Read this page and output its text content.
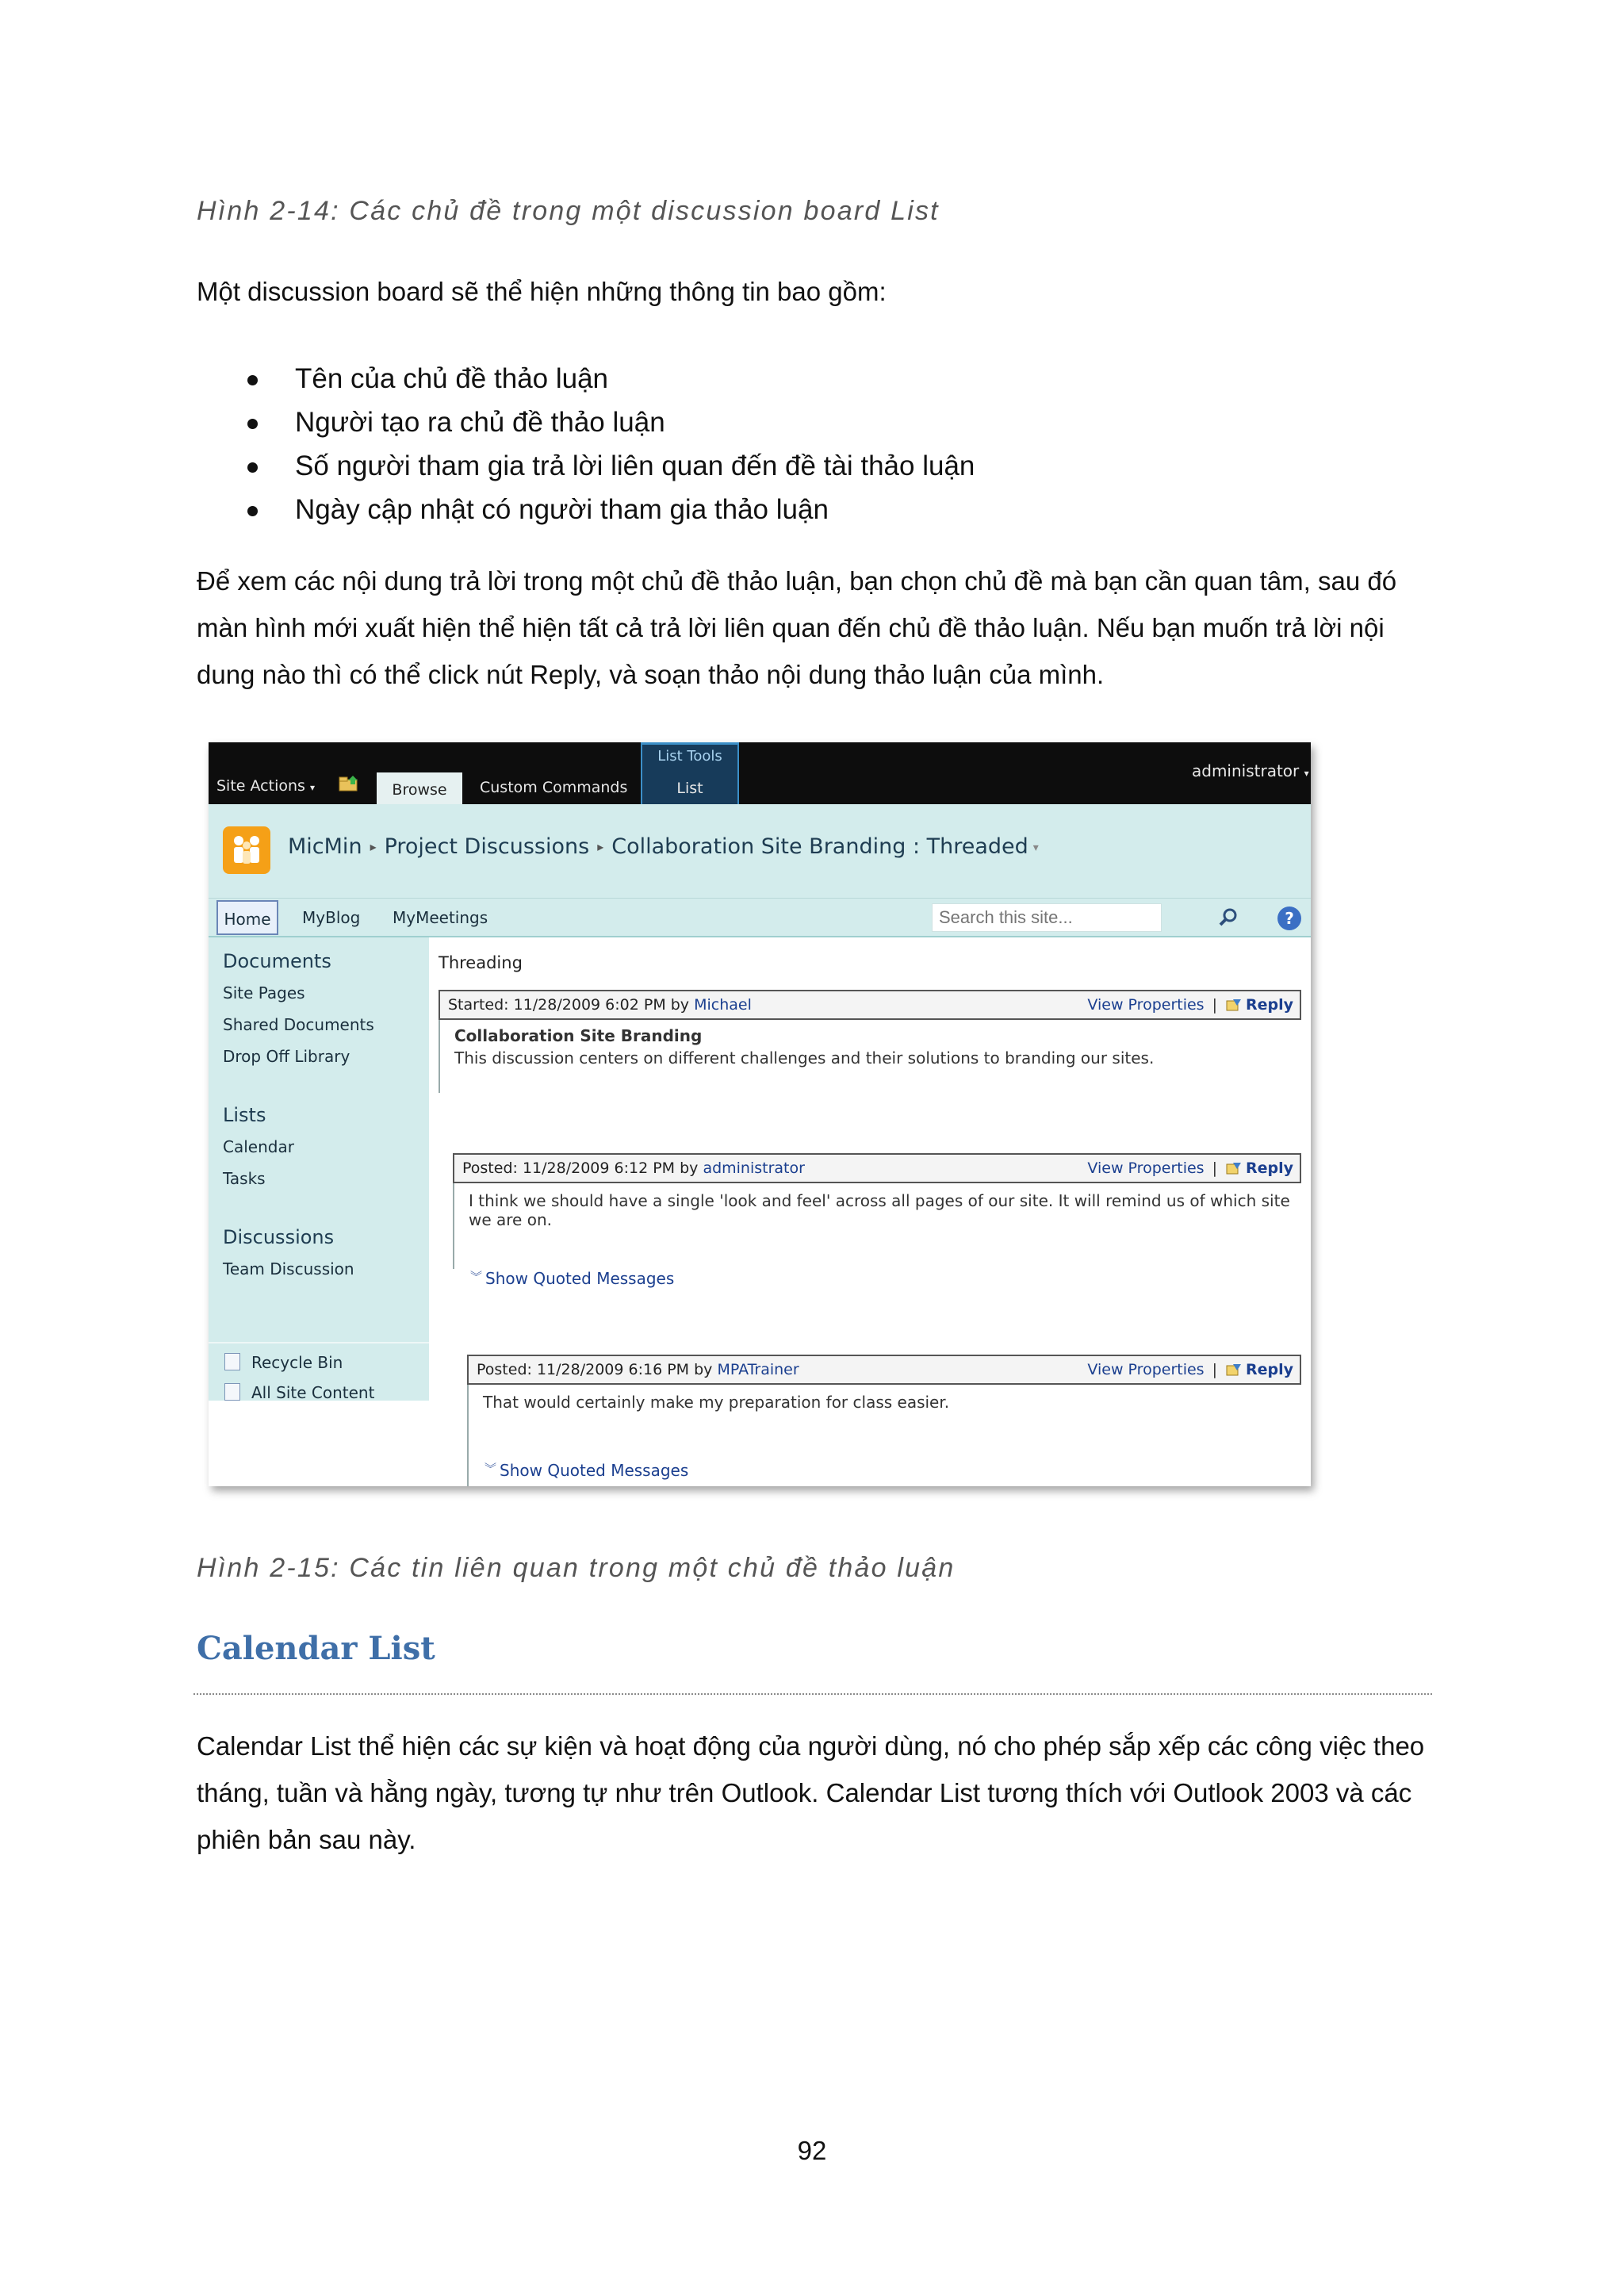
Hình 2-14: Các chủ đề trong một discussion board List
Một discussion board sẽ thể hiện những thông tin bao gồm:
Tên của chủ đề thảo luận
Người tạo ra chủ đề thảo luận
Số người tham gia trả lời liên quan đến đề tài thảo luận
Ngày cập nhật có người tham gia thảo luận
Để xem các nội dung trả lời trong một chủ đề thảo luận, bạn chọn chủ đề mà bạn cần quan tâm, sau đó màn hình mới xuất hiện thể hiện tất cả trả lời liên quan đến chủ đề thảo luận. Nếu bạn muốn trả lời nội dung nào thì có thể click nút Reply, và soạn thảo nội dung thảo luận của mình.
Site Actions ▾	Browse	Custom Commands
List Tools
List
administrator ▾
MicMin ▸ Project Discussions ▸ Collaboration Site Branding : Threaded ▾
Home	MyBlog MyMeetings
Search this site...	?
Documents
Site Pages
Shared Documents
Drop Off Library
Lists
Calendar
Tasks
Discussions
Team Discussion
Recycle Bin
All Site Content
Threading
Started: 11/28/2009 6:02 PM by Michael	View Properties | Reply
Collaboration Site Branding
This discussion centers on different challenges and their solutions to branding our sites.
Posted: 11/28/2009 6:12 PM by administrator	View Properties | Reply
I think we should have a single 'look and feel' across all pages of our site. It will remind us of which site we are on.
︾ Show Quoted Messages
Posted: 11/28/2009 6:16 PM by MPATrainer	View Properties | Reply
That would certainly make my preparation for class easier.
︾ Show Quoted Messages
Hình 2-15: Các tin liên quan trong một chủ đề thảo luận
Calendar List
Calendar List thể hiện các sự kiện và hoạt động của người dùng, nó cho phép sắp xếp các công việc theo tháng, tuần và hằng ngày, tương tự như trên Outlook. Calendar List tương thích với Outlook 2003 và các phiên bản sau này.
92
